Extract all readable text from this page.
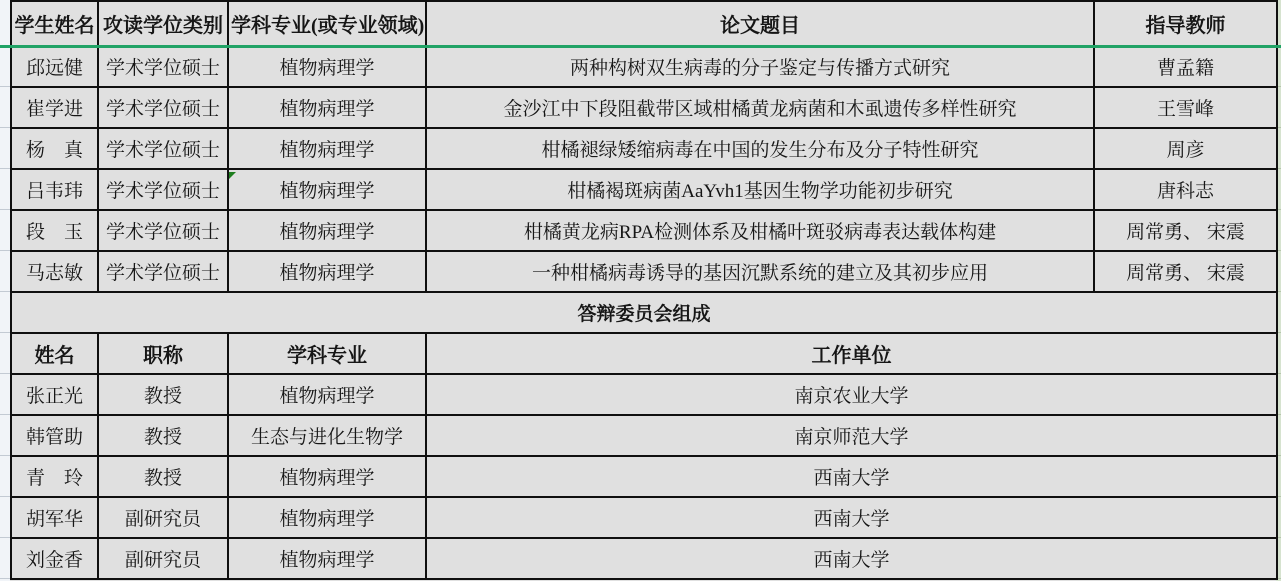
学生姓名	攻读学位类别	学科专业(或专业领域)	论文题目	指导教师
邱远健	学术学位硕士	植物病理学	两种构树双生病毒的分子鉴定与传播方式研究	曹孟籍
崔学进	学术学位硕士	植物病理学	金沙江中下段阻截带区域柑橘黄龙病菌和木虱遗传多样性研究	王雪峰
杨　真	学术学位硕士	植物病理学	柑橘褪绿矮缩病毒在中国的发生分布及分子特性研究	周彦
吕韦玮	学术学位硕士	植物病理学	柑橘褐斑病菌AaYvh1基因生物学功能初步研究	唐科志
段　玉	学术学位硕士	植物病理学	柑橘黄龙病RPA检测体系及柑橘叶斑驳病毒表达载体构建	周常勇、 宋震
马志敏	学术学位硕士	植物病理学	一种柑橘病毒诱导的基因沉默系统的建立及其初步应用	周常勇、 宋震
答辩委员会组成				
姓名	职称	学科专业	工作单位	
张正光	教授	植物病理学	南京农业大学	
韩管助	教授	生态与进化生物学	南京师范大学	
青　玲	教授	植物病理学	西南大学	
胡军华	副研究员	植物病理学	西南大学	
刘金香	副研究员	植物病理学	西南大学	
